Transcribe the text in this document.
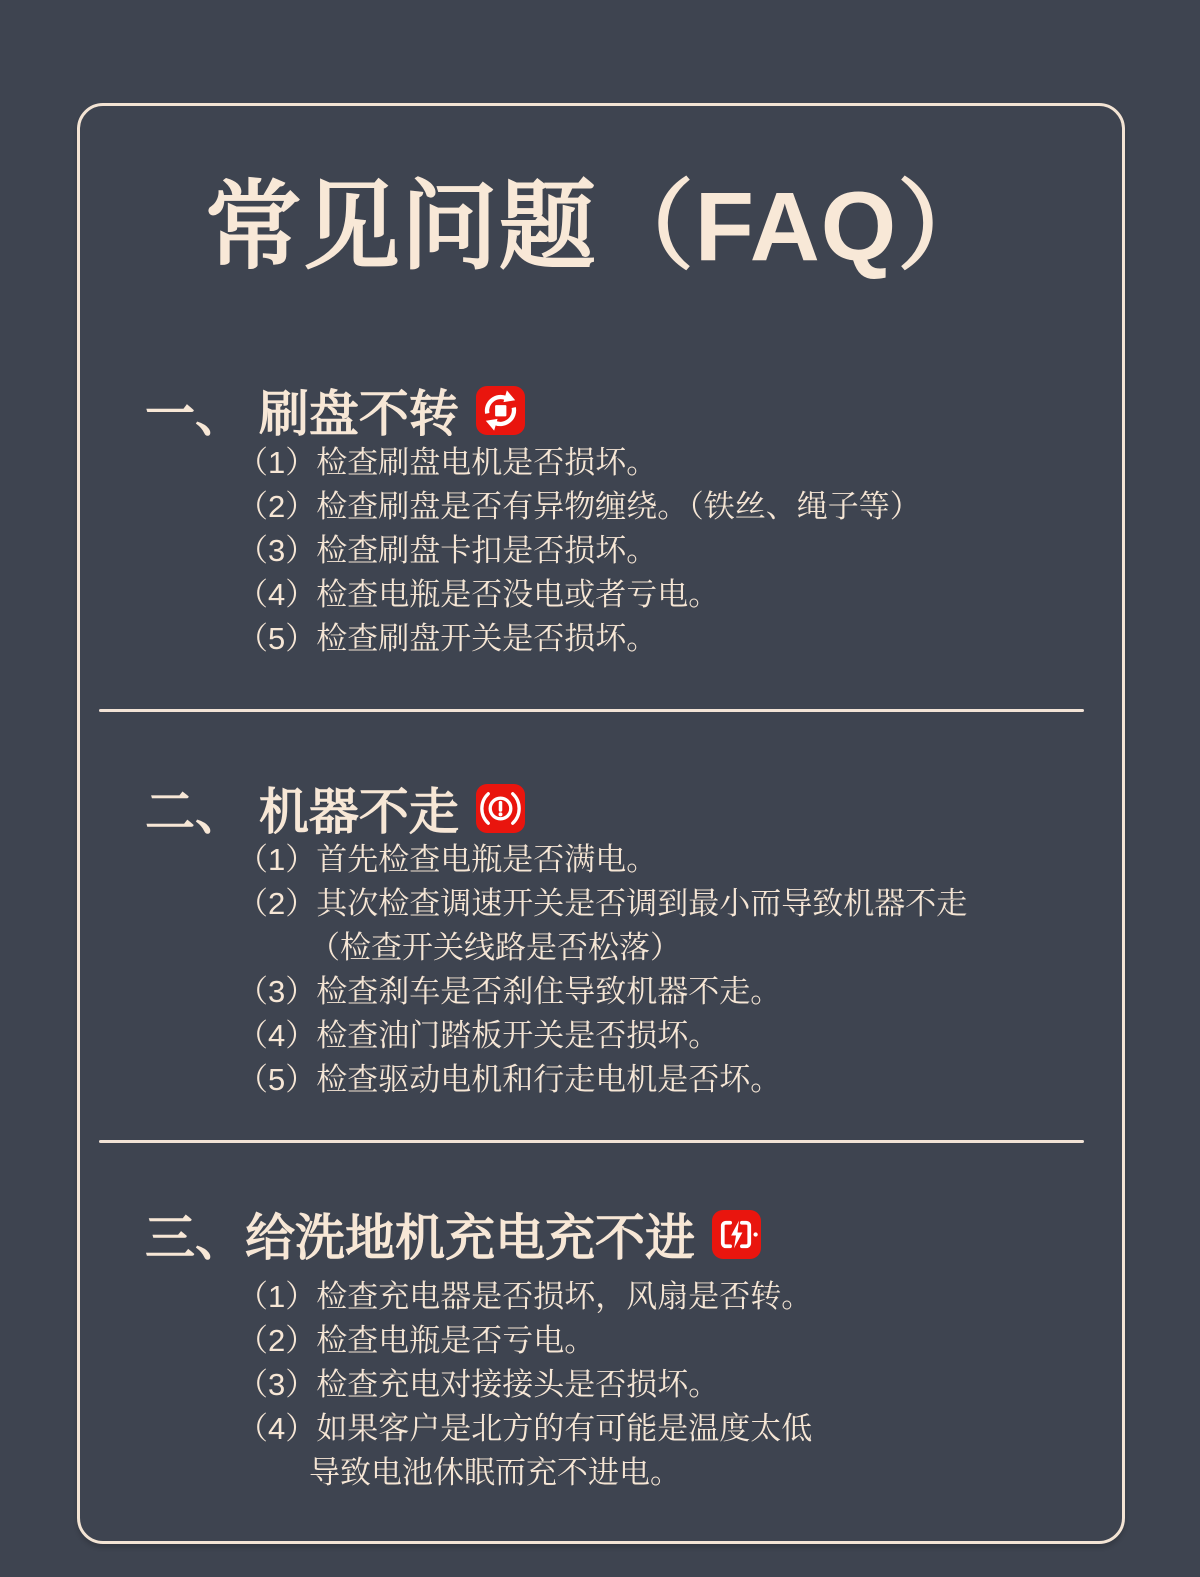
常见问题（FAQ）
一、 刷盘不转
（1）检查刷盘电机是否损坏。
（2）检查刷盘是否有异物缠绕。（铁丝、绳子等）
（3）检查刷盘卡扣是否损坏。
（4）检查电瓶是否没电或者亏电。
（5）检查刷盘开关是否损坏。
二、 机器不走
（1）首先检查电瓶是否满电。
（2）其次检查调速开关是否调到最小而导致机器不走
（检查开关线路是否松落）
（3）检查刹车是否刹住导致机器不走。
（4）检查油门踏板开关是否损坏。
（5）检查驱动电机和行走电机是否坏。
三、给洗地机充电充不进
（1）检查充电器是否损坏，风扇是否转。
（2）检查电瓶是否亏电。
（3）检查充电对接接头是否损坏。
（4）如果客户是北方的有可能是温度太低
导致电池休眠而充不进电。
